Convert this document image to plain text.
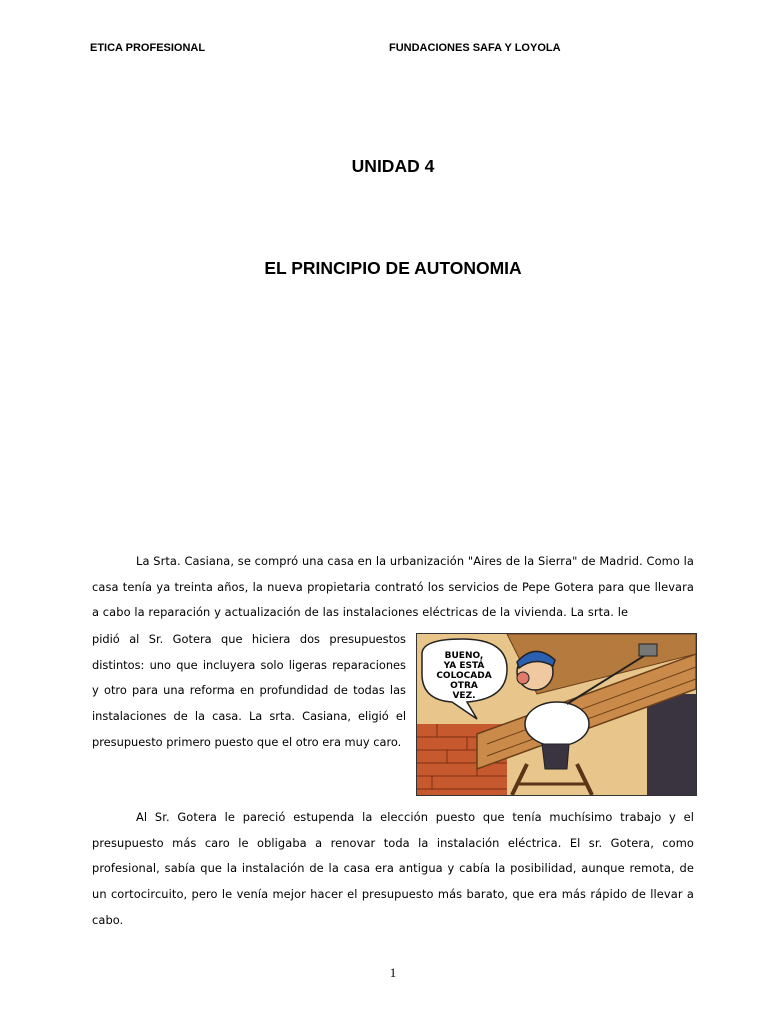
ETICA PROFESIONAL	FUNDACIONES SAFA Y LOYOLA
UNIDAD 4
EL PRINCIPIO DE AUTONOMIA
La Srta. Casiana, se compró una casa en la urbanización "Aires de la Sierra" de Madrid. Como la casa tenía ya treinta años, la nueva propietaria contrató los servicios de Pepe Gotera para que llevara a cabo la reparación y actualización de las instalaciones eléctricas de la vivienda. La srta. le
pidió al Sr. Gotera que hiciera dos presupuestos distintos: uno que incluyera solo ligeras reparaciones y otro para una reforma en profundidad de todas las instalaciones de la casa. La srta. Casiana, eligió el presupuesto primero puesto que el otro era muy caro.
BUENO,
YA ESTÁ
COLOCADA
OTRA
VEZ.
Al Sr. Gotera le pareció estupenda la elección puesto que tenía muchísimo trabajo y el presupuesto más caro le obligaba a renovar toda la instalación eléctrica. El sr. Gotera, como profesional, sabía que la instalación de la casa era antigua y cabía la posibilidad, aunque remota, de un cortocircuito, pero le venía mejor hacer el presupuesto más barato, que era más rápido de llevar a cabo.
1
